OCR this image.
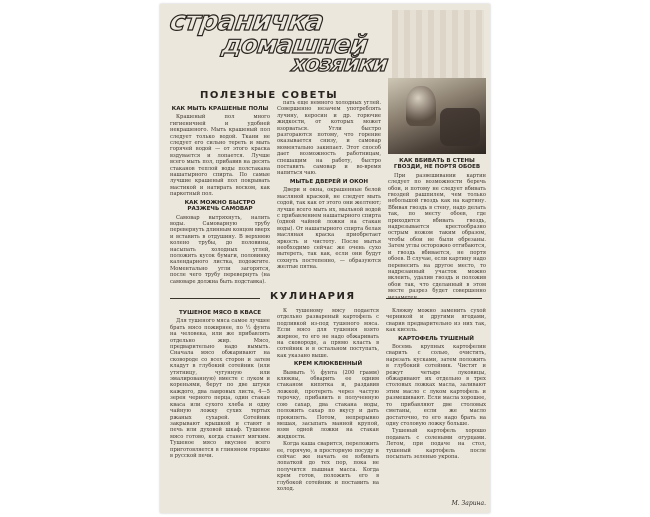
страничка
домашней
хозяйки
ПОЛЕЗНЫЕ СОВЕТЫ
КАК МЫТЬ КРАШЕНЫЕ ПОЛЫ

Крашеный пол много гигиеничней и удобней некрашеного. Мыть крашеный пол следует только водой. Ткани не следует его сильно тереть и мыть горячей водой — от этого краска вздувается и лопается. Лучше всего мыть пол, прибавив на десять стаканов теплой воды полстакана нашатырного спирта. По самые лучшие крашеный пол покрывать мастикой и натирать воском, как паркетный пол.

КАК МОЖНО БЫСТРО РАЗЖЕЧЬ САМОВАР

Самовар вытряхнуть, налить воды. Самоварную трубу перевернуть длинным концом вверх и вставить в отдушину. В верхнюю колено трубы, до половины, насыпать холодных углей, положить кусок бумаги, половинку календарного листка, подожгите. Моментально угли загорятся, после чего трубу перевернуть (на самоваре должна быть подставка).

пать еще немного холодных углей. Совершенно незачем употреблять лучину, керосин и др. горючие жидкости, от которых может взорваться. Угли быстро разгораются потому, что горение оказывается снизу, и самовар моментально закипает. Этот способ дает возможность работницам, спешащим на работу, быстро поставить самовар и во-время напиться чаю.

МЫТЬЕ ДВЕРЕЙ И ОКОН

Двери и окна, окрашенные белой масляной краской, не следует мыть содой, так как от этого они желтеют; лучше всего мыть их, мыльной водой с прибавлением нашатырного спирта (одной чайной ложки на стакан воды). От нашатырного спирта белая масляная краска приобретает яркость и чистоту. После мытья необходимо сейчас же очень сухо вытереть, так как, если они будут сохнуть постепенно, — образуются желтые пятна.

КАК ВБИВАТЬ В СТЕНЫ ГВОЗДИ, НЕ ПОРТЯ ОБОЕВ

При развешивании картин следует по возможности беречь обои, и потому не следует вбивать гвоздей рашпилем, чем только небольшой гвоздь как на картину. Вбивая гвоздь в стену, надо делать так, по месту обоев, где приходится вбивать гвоздь, надрезывается крестообразно острым ножом таким образом, чтобы обои не были обрезаны. Затем углы осторожно отгибаются, и гвоздь вбивается, не портя обоев. В случае, если картину надо перевесить на другое место, то надрезанный участок можно вклеить, удалив гвоздь и положив обои так, что сделанный в этом месте разрез будет совершенно

КУЛИНАРИЯ
ТУШЕНОЕ МЯСО В КВАСЕ

Для тушеного мяса самое лучшее брать мясо пожирнее, по ½ фунта на человека, или же прибавлять отдельно жир. Мясо, предварительно надо вымыть. Сначала мясо обжаривают на сковороде со всех сторон и затем кладут в глубокий сотейник (или утятницу, чугунную или эмалированную) вместе с луком и кореньями, берут по две штуки каждого, два лавровых листа, 4—5 зерен черного перца, один стакан кваса или сухого хлеба и одну чайную ложку сухих тертых ржаных сухарей. Сотейник закрывают крышкой и ставят в печь или духовой шкаф. Тушеное мясо готово, когда станет мягким. Тушеное мясо вкуснее всего приготовляется в глиняном горшке в русской печи.

К тушеному мясу подается отдельно развареный картофель с подливкой из-под тушеного мяса. Если мясо для тушения взято жирное, то его не надо обжаривать на сковороде, а прямо класть в сотейник и в остальном поступать, как указано выше.

КРЕМ КЛЮКВЕННЫЙ

Вымыть ½ фунта (200 грамм) клюквы, обварить ее одним стаканом кипятка и, раздавив ложкой, протереть через частую терочку, прибавить в полученную сою сахар, два стакана воды, положить сахар по вкусу и дать прокипеть. Потом, непрерывно мешая, засыпать манной крупой, взяв одной ложки на стакан жидкости.

Когда каша сварится, переложить ее, горячую, в просторную посуду и сейчас же начать ее взбивать лопаткой до тех пор, пока не получится пышная масса. Когда крем готов, положить его в глубокой сотейник и поставить на холод.

Клюкву можно заменить сухой черникой и другими ягодами, сварив предварительно из них так, как кисель.

КАРТОФЕЛЬ ТУШЕНЫЙ

Восемь крупных картофелин сварить с солью, очистить, нарезать кусками, затем положить в глубокий сотейник. Чистят и режут четыре луковицы, обжаривают их отдельно в трех столовых ложках масла, заливают этим масло с луком картофель и размешивают. Если масла хорошее, то прибавляют две столовых сметаны, если же масло достаточно, то его надо брать на одну столовую ложку больше.

Тушеный картофель хорошо подавать с солеными огурцами. Летом, при подаче на стол, тушеный картофель после посыпать зеленью укропа.

М. Зарина.
